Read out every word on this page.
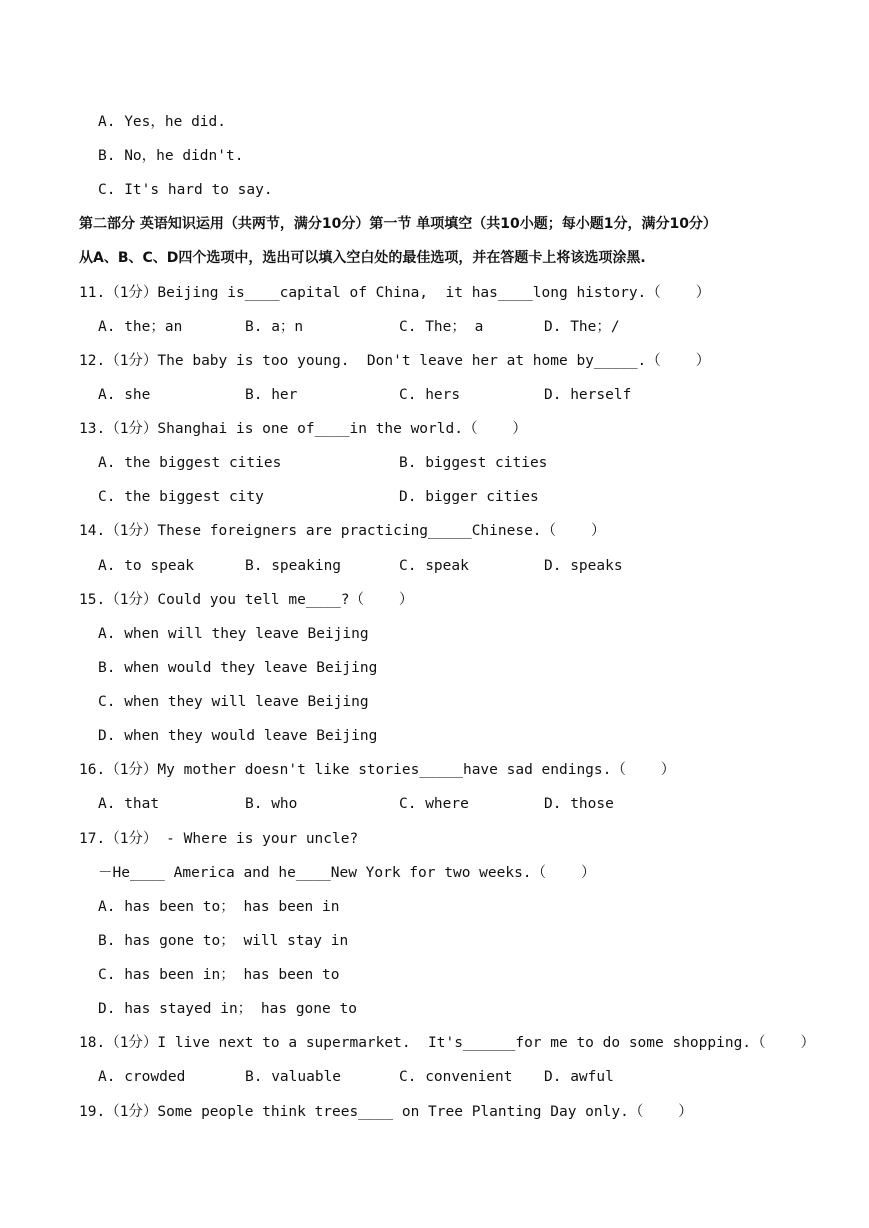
A. Yes，he did.
B. No，he didn't.
C. It's hard to say.
第二部分 英语知识运用（共两节，满分10分）第一节 单项填空（共10小题；每小题1分，满分10分）
从A、B、C、D四个选项中，选出可以填入空白处的最佳选项，并在答题卡上将该选项涂黑.
11.（1分）Beijing is____capital of China,  it has____long history.（    ）
A. the；an	B. a；n	C. The； a	D. The；/
12.（1分）The baby is too young.  Don't leave her at home by_____.（    ）
A. she	B. her	C. hers	D. herself
13.（1分）Shanghai is one of____in the world.（    ）
A. the biggest cities	B. biggest cities
C. the biggest city	D. bigger cities
14.（1分）These foreigners are practicing_____Chinese.（    ）
A. to speak	B. speaking	C. speak	D. speaks
15.（1分）Could you tell me____?（    ）
A. when will they leave Beijing
B. when would they leave Beijing
C. when they will leave Beijing
D. when they would leave Beijing
16.（1分）My mother doesn't like stories_____have sad endings.（    ）
A. that	B. who	C. where	D. those
17.（1分） - Where is your uncle?
－He____ America and he____New York for two weeks.（    ）
A. has been to； has been in
B. has gone to； will stay in
C. has been in； has been to
D. has stayed in； has gone to
18.（1分）I live next to a supermarket.  It's______for me to do some shopping.（    ）
A. crowded	B. valuable	C. convenient D. awful
19.（1分）Some people think trees____ on Tree Planting Day only.（    ）
